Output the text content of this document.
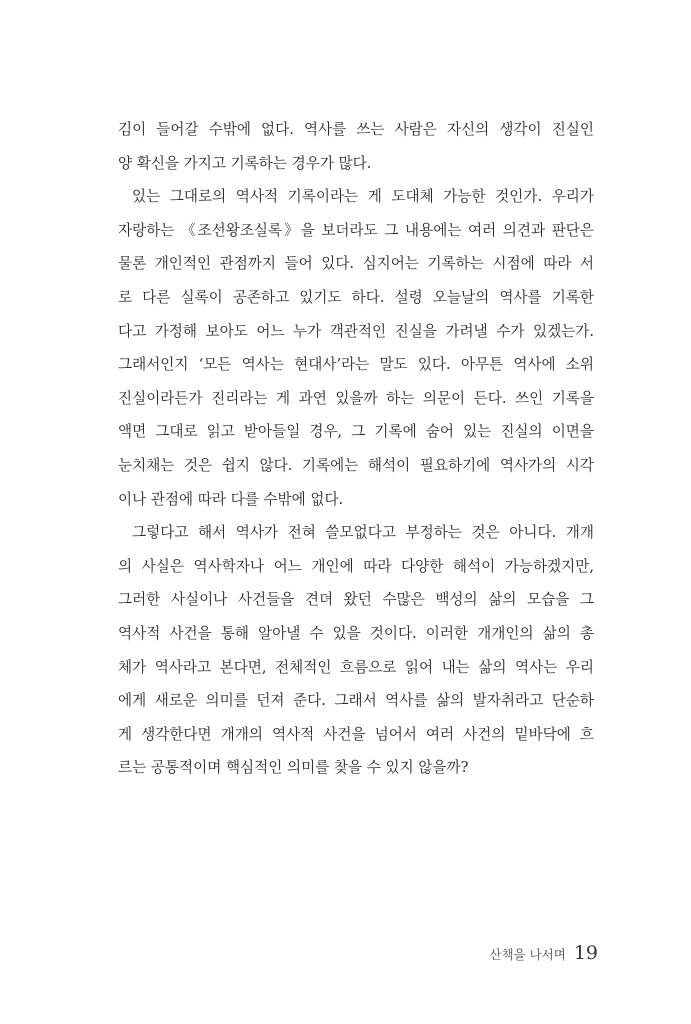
김이 들어갈 수밖에 없다. 역사를 쓰는 사람은 자신의 생각이 진실인
양 확신을 가지고 기록하는 경우가 많다.
있는 그대로의 역사적 기록이라는 게 도대체 가능한 것인가. 우리가
자랑하는 《조선왕조실록》을 보더라도 그 내용에는 여러 의견과 판단은
물론 개인적인 관점까지 들어 있다. 심지어는 기록하는 시점에 따라 서
로 다른 실록이 공존하고 있기도 하다. 설령 오늘날의 역사를 기록한
다고 가정해 보아도 어느 누가 객관적인 진실을 가려낼 수가 있겠는가.
그래서인지 ‘모든 역사는 현대사’라는 말도 있다. 아무튼 역사에 소위
진실이라든가 진리라는 게 과연 있을까 하는 의문이 든다. 쓰인 기록을
액면 그대로 읽고 받아들일 경우, 그 기록에 숨어 있는 진실의 이면을
눈치채는 것은 쉽지 않다. 기록에는 해석이 필요하기에 역사가의 시각
이나 관점에 따라 다를 수밖에 없다.
그렇다고 해서 역사가 전혀 쓸모없다고 부정하는 것은 아니다. 개개
의 사실은 역사학자나 어느 개인에 따라 다양한 해석이 가능하겠지만,
그러한 사실이나 사건들을 견뎌 왔던 수많은 백성의 삶의 모습을 그
역사적 사건을 통해 알아낼 수 있을 것이다. 이러한 개개인의 삶의 총
체가 역사라고 본다면, 전체적인 흐름으로 읽어 내는 삶의 역사는 우리
에게 새로운 의미를 던져 준다. 그래서 역사를 삶의 발자취라고 단순하
게 생각한다면 개개의 역사적 사건을 넘어서 여러 사건의 밑바닥에 흐
르는 공통적이며 핵심적인 의미를 찾을 수 있지 않을까?
산책을 나서며 19
